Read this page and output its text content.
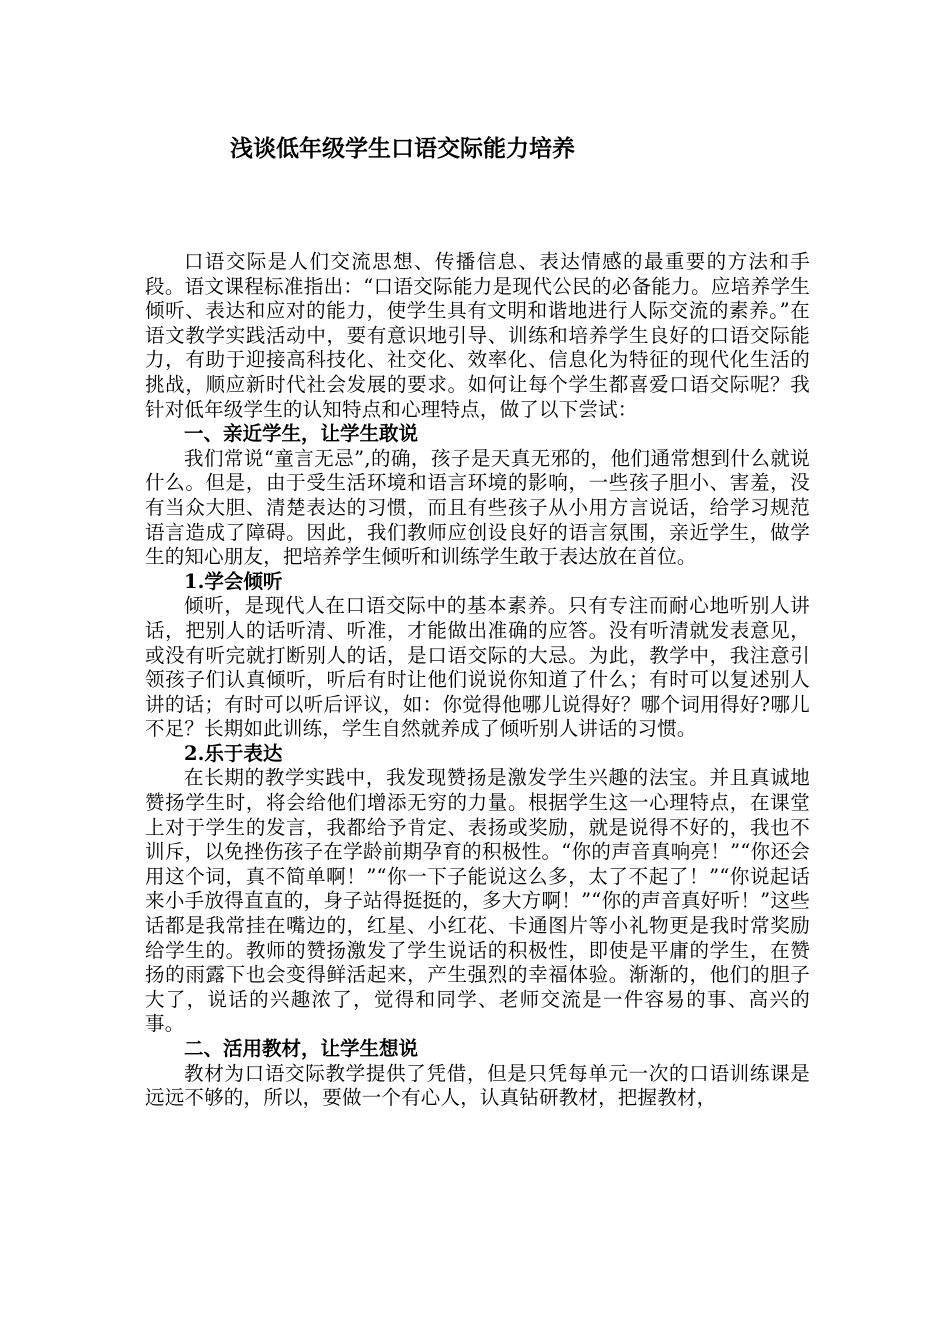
浅谈低年级学生口语交际能力培养

口语交际是人们交流思想、传播信息、表达情感的最重要的方法和手段。语文课程标准指出：“口语交际能力是现代公民的必备能力。应培养学生倾听、表达和应对的能力，使学生具有文明和谐地进行人际交流的素养。”在语文教学实践活动中，要有意识地引导、训练和培养学生良好的口语交际能力，有助于迎接高科技化、社交化、效率化、信息化为特征的现代化生活的挑战，顺应新时代社会发展的要求。如何让每个学生都喜爱口语交际呢？我针对低年级学生的认知特点和心理特点，做了以下尝试：

一、亲近学生，让学生敢说

我们常说“童言无忌”,的确，孩子是天真无邪的，他们通常想到什么就说什么。但是，由于受生活环境和语言环境的影响，一些孩子胆小、害羞，没有当众大胆、清楚表达的习惯，而且有些孩子从小用方言说话，给学习规范语言造成了障碍。因此，我们教师应创设良好的语言氛围，亲近学生，做学生的知心朋友，把培养学生倾听和训练学生敢于表达放在首位。

1.学会倾听

倾听，是现代人在口语交际中的基本素养。只有专注而耐心地听别人讲话，把别人的话听清、听准，才能做出准确的应答。没有听清就发表意见，或没有听完就打断别人的话，是口语交际的大忌。为此，教学中，我注意引领孩子们认真倾听，听后有时让他们说说你知道了什么；有时可以复述别人讲的话；有时可以听后评议，如：你觉得他哪儿说得好？哪个词用得好?哪儿不足？长期如此训练，学生自然就养成了倾听别人讲话的习惯。

2.乐于表达

在长期的教学实践中，我发现赞扬是激发学生兴趣的法宝。并且真诚地赞扬学生时，将会给他们增添无穷的力量。根据学生这一心理特点，在课堂上对于学生的发言，我都给予肯定、表扬或奖励，就是说得不好的，我也不训斥，以免挫伤孩子在学龄前期孕育的积极性。“你的声音真响亮！”“你还会用这个词，真不简单啊！”“你一下子能说这么多，太了不起了！”“你说起话来小手放得直直的，身子站得挺挺的，多大方啊！”“你的声音真好听！”这些话都是我常挂在嘴边的，红星、小红花、卡通图片等小礼物更是我时常奖励给学生的。教师的赞扬激发了学生说话的积极性，即使是平庸的学生，在赞扬的雨露下也会变得鲜活起来，产生强烈的幸福体验。渐渐的，他们的胆子大了，说话的兴趣浓了，觉得和同学、老师交流是一件容易的事、高兴的事。

二、活用教材，让学生想说

教材为口语交际教学提供了凭借，但是只凭每单元一次的口语训练课是远远不够的，所以，要做一个有心人，认真钻研教材，把握教材，
